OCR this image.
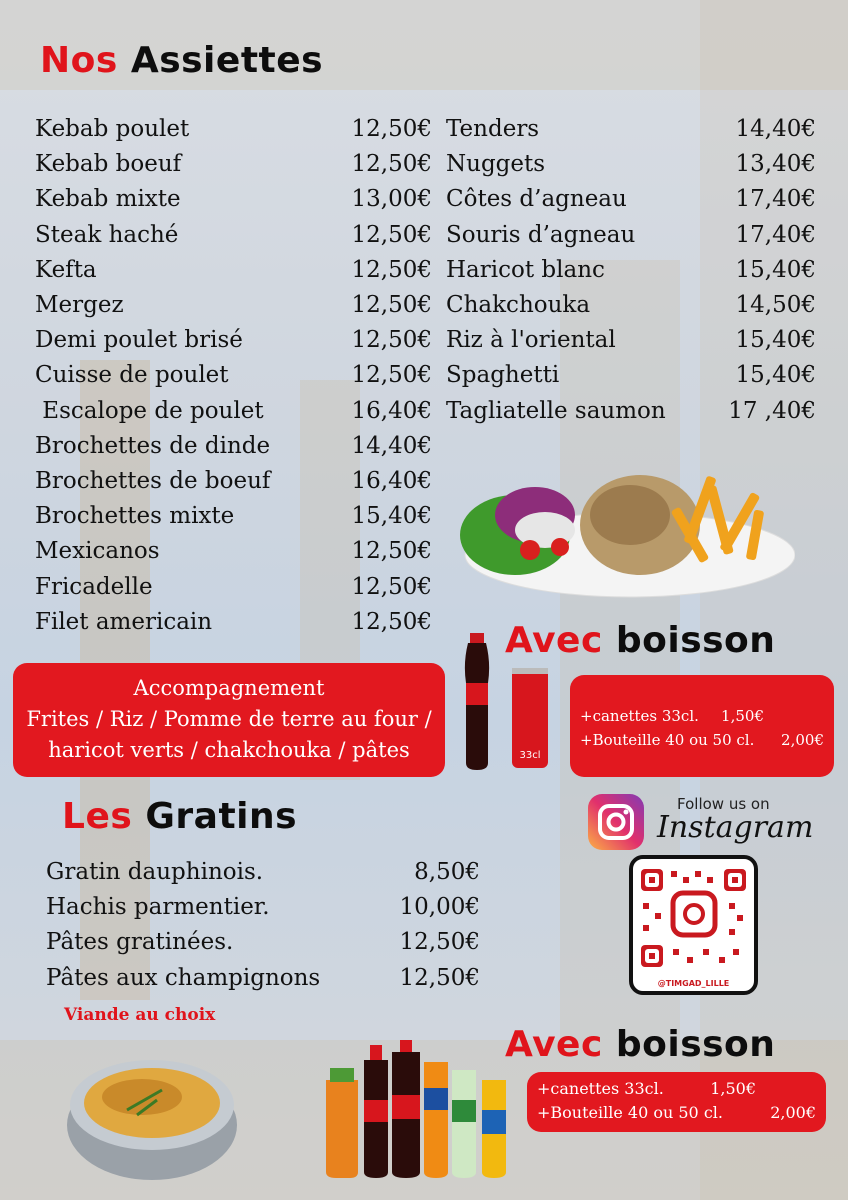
Nos Assiettes
Kebab poulet	12,50€
Kebab boeuf	12,50€
Kebab mixte	13,00€
Steak haché	12,50€
Kefta	12,50€
Mergez	12,50€
Demi poulet brisé	12,50€
Cuisse de poulet	12,50€
Escalope de poulet	16,40€
Brochettes de dinde	14,40€
Brochettes de boeuf	16,40€
Brochettes mixte	15,40€
Mexicanos	12,50€
Fricadelle	12,50€
Filet americain	12,50€
Tenders	14,40€
Nuggets	13,40€
Côtes d’agneau	17,40€
Souris d’agneau	17,40€
Haricot blanc	15,40€
Chakchouka	14,50€
Riz à l'oriental	15,40€
Spaghetti	15,40€
Tagliatelle saumon	17 ,40€
Avec boisson
Accompagnement
Frites / Riz / Pomme de terre au four /
haricot verts / chakchouka / pâtes	33cl
+canettes 33cl. 1,50€
+Bouteille 40 ou 50 cl. 2,00€
Les Gratins
Gratin dauphinois.	8,50€
Hachis parmentier.	10,00€
Pâtes gratinées.	12,50€
Pâtes aux champignons	12,50€
Viande au choix
Follow us on
Instagram
@TIMGAD_LILLE
Avec boisson
+canettes 33cl.	1,50€
+Bouteille 40 ou 50 cl.	2,00€
